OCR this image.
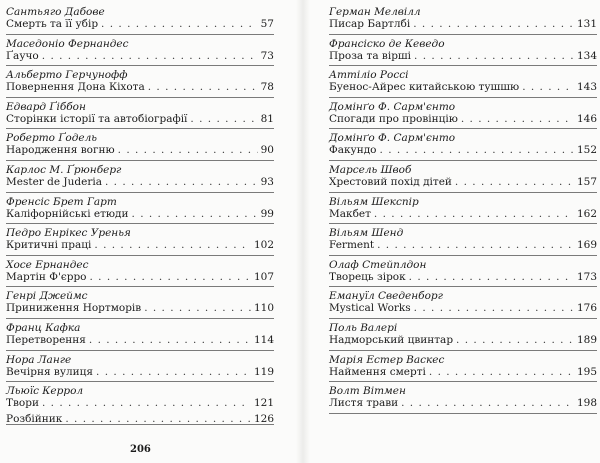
Сантьяго Дабове
Смерть та її убір . . .	57
Маседоніо Фернандес
Ґаучо . . .	73
Альберто Герчунофф
Повернення Дона Кіхота . . .	78
Едвард Ґіббон
Сторінки історії та автобіографії . . .	81
Роберто Ґодель
Народження вогню . . .	90
Карлос М. Ґрюнберг
Mester de Juderia . . .	93
Френсіс Брет Гарт
Каліфорнійські етюди . . .	99
Педро Енрікес Уренья
Критичні праці . . .	102
Хосе Ернандес
Мартін Ф'єрро . . .	107
Генрі Джеймс
Приниження Нортморів . . .	110
Франц Кафка
Перетворення . . .	114
Нора Ланге
Вечірня вулиця . . .	119
Льюїс Керрол
Твори . . .	121
Розбійник . . .	126
Герман Мелвілл
Писар Бартлбі . . .	131
Франсіско де Кеведо
Проза та вірші . . .	134
Аттіліо Россі
Буенос-Айрес китайською тушшю . . .	143
Домінґо Ф. Сарм'єнто
Спогади про провінцію . . .	146
Домінґо Ф. Сарм'єнто
Факундо . . .	152
Марсель Швоб
Хрестовий похід дітей . . .	157
Вільям Шекспір
Макбет . . .	162
Вільям Шенд
Ferment . . .	169
Олаф Стейплдон
Творець зірок . . .	173
Емануїл Сведенборг
Mystical Works . . .	176
Поль Валері
Надморський цвинтар . . .	189
Марія Естер Васкес
Наймення смерті . . .	195
Волт Вітмен
Листя трави . . .	198
206
